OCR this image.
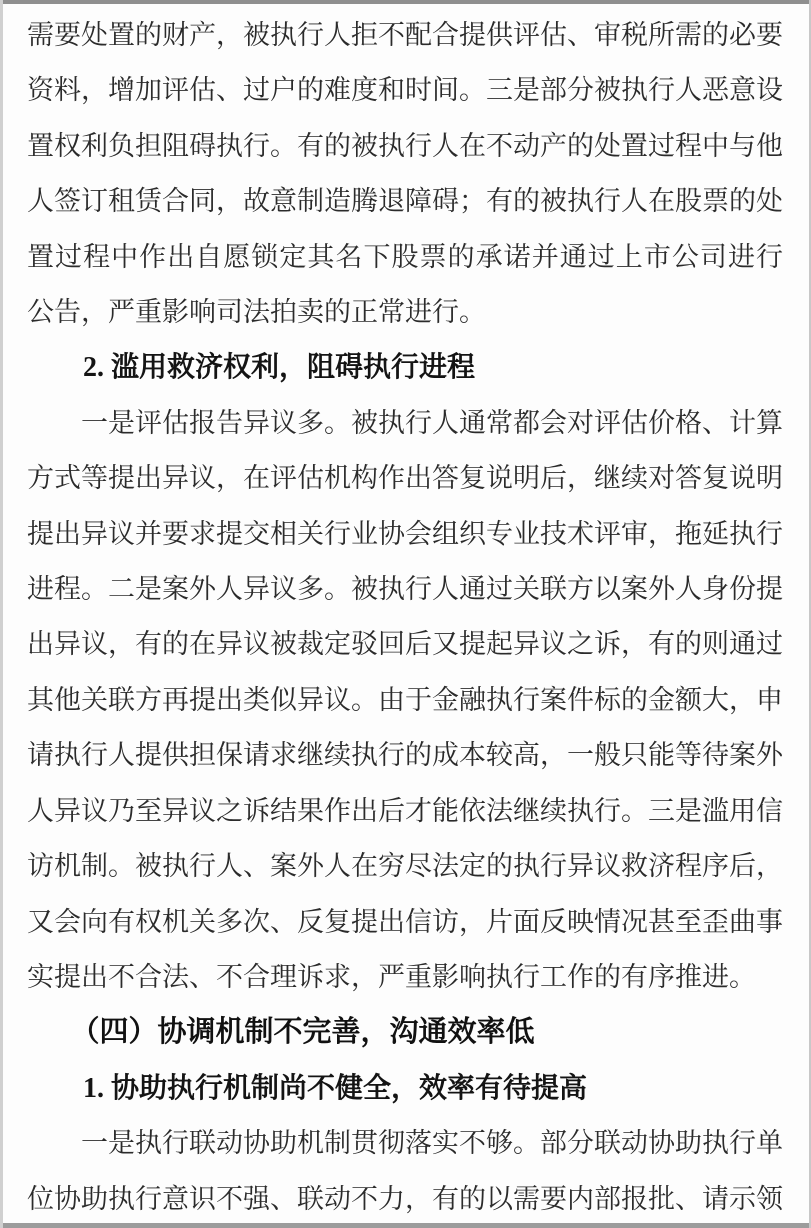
需要处置的财产，被执行人拒不配合提供评估、审税所需的必要
资料，增加评估、过户的难度和时间。三是部分被执行人恶意设
置权利负担阻碍执行。有的被执行人在不动产的处置过程中与他
人签订租赁合同，故意制造腾退障碍；有的被执行人在股票的处
置过程中作出自愿锁定其名下股票的承诺并通过上市公司进行
公告，严重影响司法拍卖的正常进行。
2. 滥用救济权利，阻碍执行进程
一是评估报告异议多。被执行人通常都会对评估价格、计算
方式等提出异议，在评估机构作出答复说明后，继续对答复说明
提出异议并要求提交相关行业协会组织专业技术评审，拖延执行
进程。二是案外人异议多。被执行人通过关联方以案外人身份提
出异议，有的在异议被裁定驳回后又提起异议之诉，有的则通过
其他关联方再提出类似异议。由于金融执行案件标的金额大，申
请执行人提供担保请求继续执行的成本较高，一般只能等待案外
人异议乃至异议之诉结果作出后才能依法继续执行。三是滥用信
访机制。被执行人、案外人在穷尽法定的执行异议救济程序后，
又会向有权机关多次、反复提出信访，片面反映情况甚至歪曲事
实提出不合法、不合理诉求，严重影响执行工作的有序推进。
（四）协调机制不完善，沟通效率低
1. 协助执行机制尚不健全，效率有待提高
一是执行联动协助机制贯彻落实不够。部分联动协助执行单
位协助执行意识不强、联动不力，有的以需要内部报批、请示领
